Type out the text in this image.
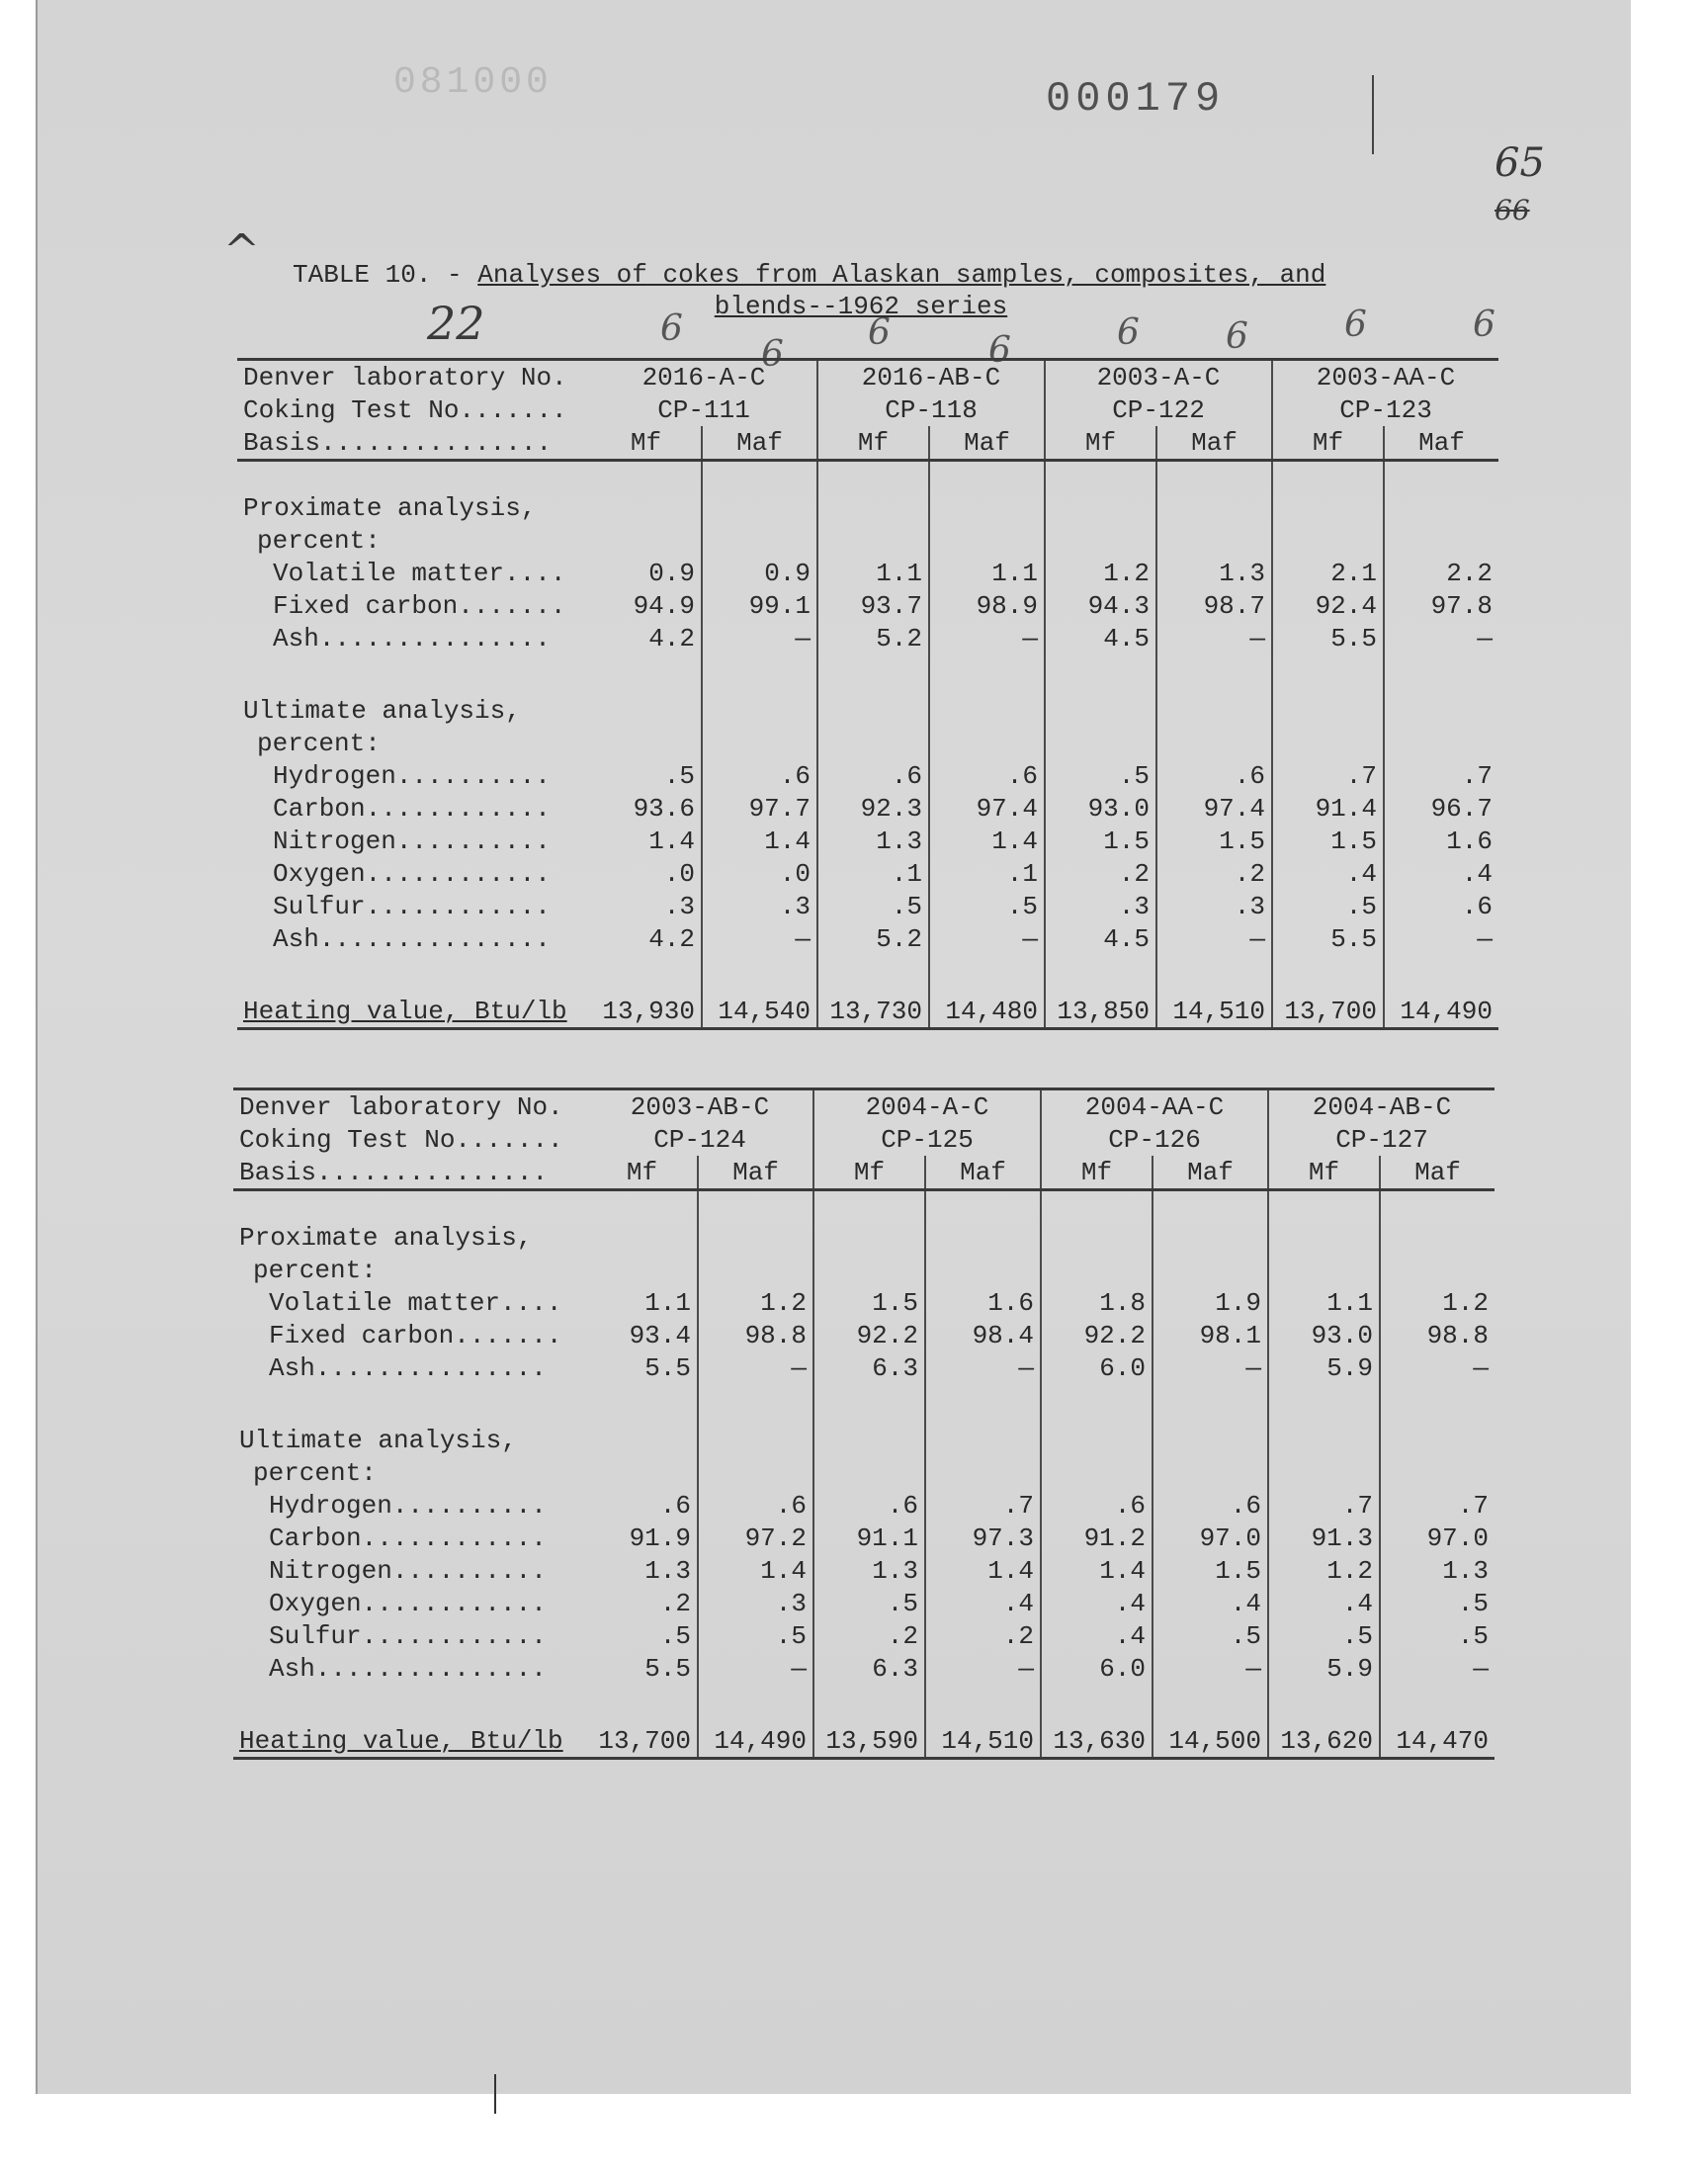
081000	000179
65
66
^
22	6
6
6	6	6 6	6	6
TABLE 10. - Analyses of cokes from Alaskan samples, composites, and
blends--1962 series
Denver laboratory No.	2016-A-C		2016-AB-C		2003-A-C		2003-AA-C	
Coking Test No.......	CP-111		CP-118		CP-122		CP-123	
Basis...............	Mf	Maf	Mf	Maf	Mf	Maf	Mf	Maf

Proximate analysis,								
percent:								
Volatile matter....	0.9	0.9	1.1	1.1	1.2	1.3	2.1	2.2
Fixed carbon.......	94.9	99.1	93.7	98.9	94.3	98.7	92.4	97.8
Ash...............	4.2	—	5.2	—	4.5	—	5.5	—

Ultimate analysis,								
percent:								
Hydrogen..........	.5	.6	.6	.6	.5	.6	.7	.7
Carbon............	93.6	97.7	92.3	97.4	93.0	97.4	91.4	96.7
Nitrogen..........	1.4	1.4	1.3	1.4	1.5	1.5	1.5	1.6
Oxygen............	.0	.0	.1	.1	.2	.2	.4	.4
Sulfur............	.3	.3	.5	.5	.3	.3	.5	.6
Ash...............	4.2	—	5.2	—	4.5	—	5.5	—

Heating value, Btu/lb	13,930	14,540	13,730	14,480	13,850	14,510	13,700	14,490
Denver laboratory No.	2003-AB-C		2004-A-C		2004-AA-C		2004-AB-C	
Coking Test No.......	CP-124		CP-125		CP-126		CP-127	
Basis...............	Mf	Maf	Mf	Maf	Mf	Maf	Mf	Maf

Proximate analysis,								
percent:								
Volatile matter....	1.1	1.2	1.5	1.6	1.8	1.9	1.1	1.2
Fixed carbon.......	93.4	98.8	92.2	98.4	92.2	98.1	93.0	98.8
Ash...............	5.5	—	6.3	—	6.0	—	5.9	—

Ultimate analysis,								
percent:								
Hydrogen..........	.6	.6	.6	.7	.6	.6	.7	.7
Carbon............	91.9	97.2	91.1	97.3	91.2	97.0	91.3	97.0
Nitrogen..........	1.3	1.4	1.3	1.4	1.4	1.5	1.2	1.3
Oxygen............	.2	.3	.5	.4	.4	.4	.4	.5
Sulfur............	.5	.5	.2	.2	.4	.5	.5	.5
Ash...............	5.5	—	6.3	—	6.0	—	5.9	—

Heating value, Btu/lb	13,700	14,490	13,590	14,510	13,630	14,500	13,620	14,470
